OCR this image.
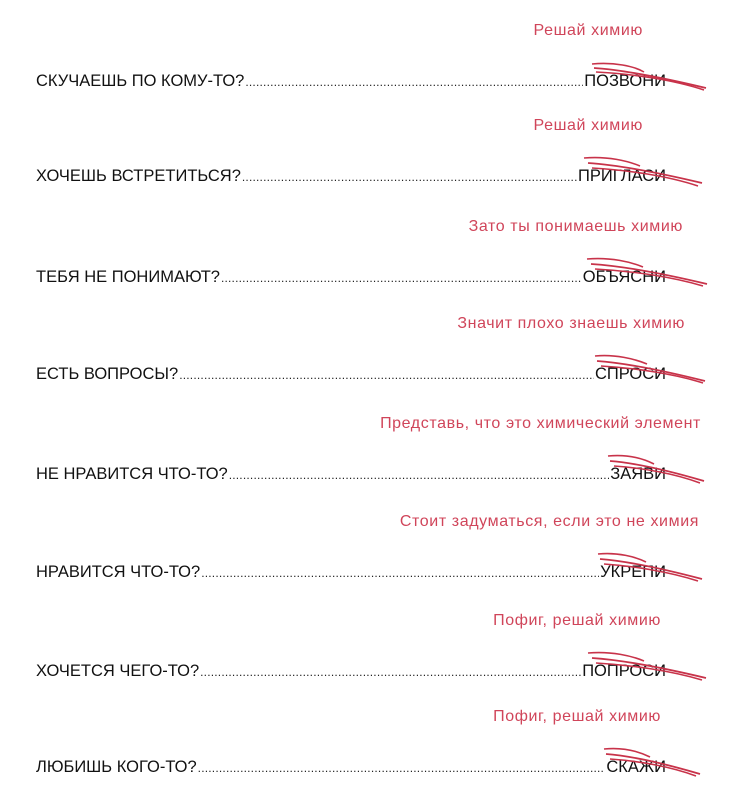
Решай химию
СКУЧАЕШЬ ПО КОМУ-ТО? .....	ПОЗВОНИ
Решай химию
ХОЧЕШЬ ВСТРЕТИТЬСЯ? .....	ПРИГЛАСИ
Зато ты понимаешь химию
ТЕБЯ НЕ ПОНИМАЮТ? .....	ОБЪЯСНИ
Значит плохо знаешь химию
ЕСТЬ ВОПРОСЫ? .....	СПРОСИ
Представь, что это химический элемент
НЕ НРАВИТСЯ ЧТО-ТО? .....	ЗАЯВИ
Стоит задуматься, если это не химия
НРАВИТСЯ ЧТО-ТО? .....	УКРЕПИ
Пофиг, решай химию
ХОЧЕТСЯ ЧЕГО-ТО? .....	ПОПРОСИ
Пофиг, решай химию
ЛЮБИШЬ КОГО-ТО? .....	СКАЖИ
